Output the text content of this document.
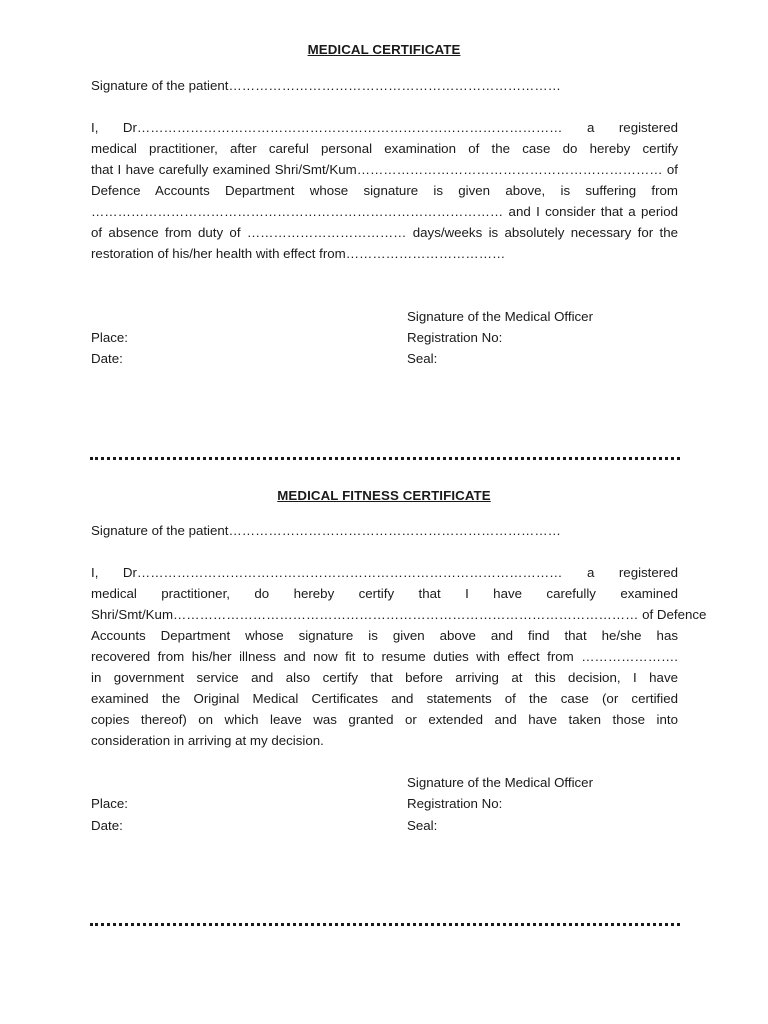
MEDICAL CERTIFICATE
Signature of the patient…………………………………………………………………
I, Dr…………………………………………………………………………………… a registered
medical practitioner, after careful personal examination of the case do hereby certify
that I have carefully examined Shri/Smt/Kum…………………………………………………………… of
Defence Accounts Department whose signature is given above, is suffering from
………………………………………………………………………………… and I consider that a period
of absence from duty of ……………………………… days/weeks is absolutely necessary for the
restoration of his/her health with effect from………………………………
Signature of the Medical Officer
Place:	Registration No:
Date:	Seal:
MEDICAL FITNESS CERTIFICATE
Signature of the patient…………………………………………………………………
I, Dr…………………………………………………………………………………… a registered
medical practitioner, do hereby certify that I have carefully examined
Shri/Smt/Kum…………………………………………………………………………………………… of Defence
Accounts Department whose signature is given above and find that he/she has
recovered from his/her illness and now fit to resume duties with effect from ………………….
in government service and also certify that before arriving at this decision, I have
examined the Original Medical Certificates and statements of the case (or certified
copies thereof) on which leave was granted or extended and have taken those into
consideration in arriving at my decision.
Signature of the Medical Officer
Place:	Registration No:
Date:	Seal:
